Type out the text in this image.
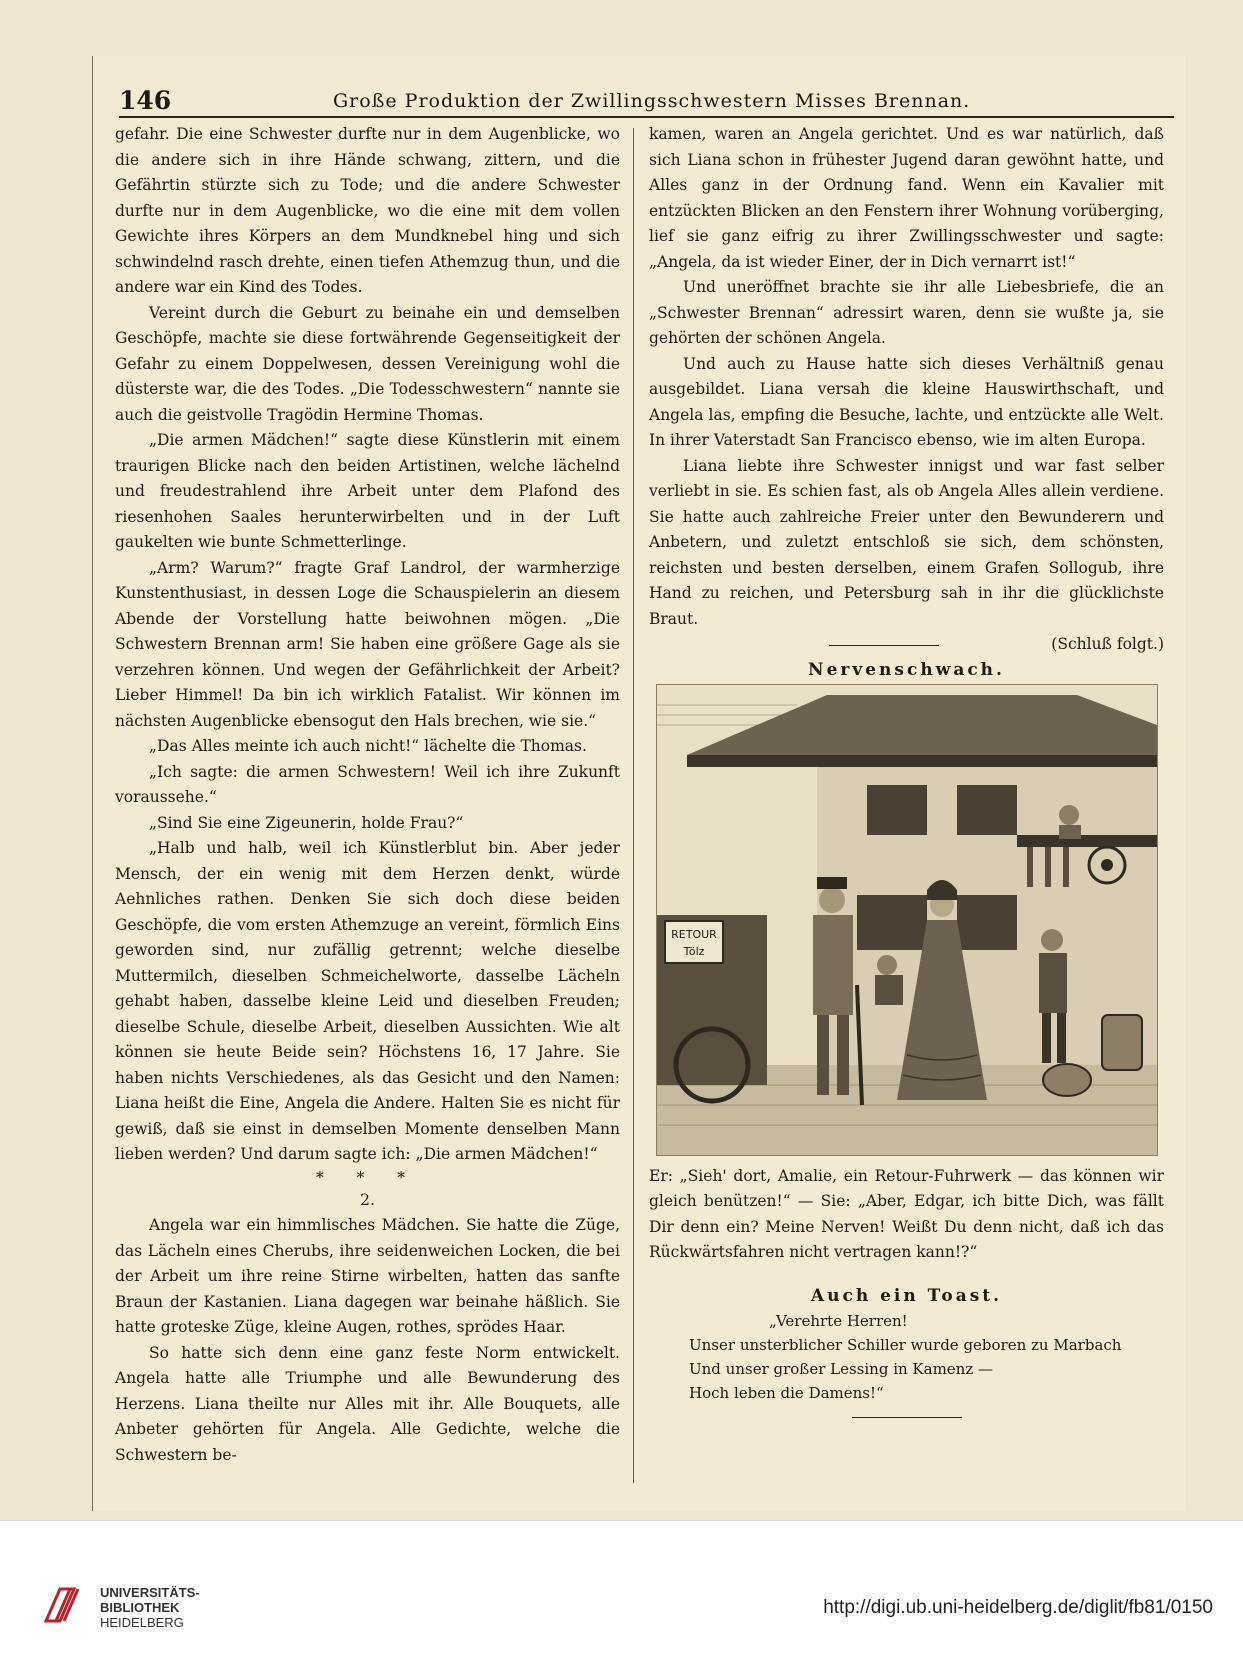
146	Große Produktion der Zwillingsschwestern Misses Brennan.

gefahr. Die eine Schwester durfte nur in dem Augenblicke, wo die andere sich in ihre Hände schwang, zittern, und die Gefährtin stürzte sich zu Tode; und die andere Schwester durfte nur in dem Augenblicke, wo die eine mit dem vollen Gewichte ihres Körpers an dem Mundknebel hing und sich schwindelnd rasch drehte, einen tiefen Athemzug thun, und die andere war ein Kind des Todes.

Vereint durch die Geburt zu beinahe ein und demselben Geschöpfe, machte sie diese fortwährende Gegenseitigkeit der Gefahr zu einem Doppelwesen, dessen Vereinigung wohl die düsterste war, die des Todes. „Die Todesschwestern“ nannte sie auch die geistvolle Tragödin Hermine Thomas.

„Die armen Mädchen!“ sagte diese Künstlerin mit einem traurigen Blicke nach den beiden Artistinen, welche lächelnd und freudestrahlend ihre Arbeit unter dem Plafond des riesenhohen Saales herunterwirbelten und in der Luft gaukelten wie bunte Schmetterlinge.

„Arm? Warum?“ fragte Graf Landrol, der warmherzige Kunstenthusiast, in dessen Loge die Schauspielerin an diesem Abende der Vorstellung hatte beiwohnen mögen. „Die Schwestern Brennan arm! Sie haben eine größere Gage als sie verzehren können. Und wegen der Gefährlichkeit der Arbeit? Lieber Himmel! Da bin ich wirklich Fatalist. Wir können im nächsten Augenblicke ebensogut den Hals brechen, wie sie.“

„Das Alles meinte ich auch nicht!“ lächelte die Thomas.

„Ich sagte: die armen Schwestern! Weil ich ihre Zukunft voraussehe.“

„Sind Sie eine Zigeunerin, holde Frau?“

„Halb und halb, weil ich Künstlerblut bin. Aber jeder Mensch, der ein wenig mit dem Herzen denkt, würde Aehnliches rathen. Denken Sie sich doch diese beiden Geschöpfe, die vom ersten Athemzuge an vereint, förmlich Eins geworden sind, nur zufällig getrennt; welche dieselbe Muttermilch, dieselben Schmeichelworte, dasselbe Lächeln gehabt haben, dasselbe kleine Leid und dieselben Freuden; dieselbe Schule, dieselbe Arbeit, dieselben Aussichten. Wie alt können sie heute Beide sein? Höchstens 16, 17 Jahre. Sie haben nichts Verschiedenes, als das Gesicht und den Namen: Liana heißt die Eine, Angela die Andere. Halten Sie es nicht für gewiß, daß sie einst in demselben Momente denselben Mann lieben werden? Und darum sagte ich: „Die armen Mädchen!“

* * *

2.

Angela war ein himmlisches Mädchen. Sie hatte die Züge, das Lächeln eines Cherubs, ihre seidenweichen Locken, die bei der Arbeit um ihre reine Stirne wirbelten, hatten das sanfte Braun der Kastanien. Liana dagegen war beinahe häßlich. Sie hatte groteske Züge, kleine Augen, rothes, sprödes Haar.

So hatte sich denn eine ganz feste Norm entwickelt. Angela hatte alle Triumphe und alle Bewunderung des Herzens. Liana theilte nur Alles mit ihr. Alle Bouquets, alle Anbeter gehörten für Angela. Alle Gedichte, welche die Schwestern be-

kamen, waren an Angela gerichtet. Und es war natürlich, daß sich Liana schon in frühester Jugend daran gewöhnt hatte, und Alles ganz in der Ordnung fand. Wenn ein Kavalier mit entzückten Blicken an den Fenstern ihrer Wohnung vorüberging, lief sie ganz eifrig zu ihrer Zwillingsschwester und sagte: „Angela, da ist wieder Einer, der in Dich vernarrt ist!“

Und uneröffnet brachte sie ihr alle Liebesbriefe, die an „Schwester Brennan“ adressirt waren, denn sie wußte ja, sie gehörten der schönen Angela.

Und auch zu Hause hatte sich dieses Verhältniß genau ausgebildet. Liana versah die kleine Hauswirthschaft, und Angela las, empfing die Besuche, lachte, und entzückte alle Welt. In ihrer Vaterstadt San Francisco ebenso, wie im alten Europa.

Liana liebte ihre Schwester innigst und war fast selber verliebt in sie. Es schien fast, als ob Angela Alles allein verdiene. Sie hatte auch zahlreiche Freier unter den Bewunderern und Anbetern, und zuletzt entschloß sie sich, dem schönsten, reichsten und besten derselben, einem Grafen Sollogub, ihre Hand zu reichen, und Petersburg sah in ihr die glücklichste Braut.

(Schluß folgt.)

Nervenschwach.

RETOUR
Tölz

Er: „Sieh' dort, Amalie, ein Retour-Fuhrwerk — das können wir gleich benützen!“ — Sie: „Aber, Edgar, ich bitte Dich, was fällt Dir denn ein? Meine Nerven! Weißt Du denn nicht, daß ich das Rückwärtsfahren nicht vertragen kann!?“

Auch ein Toast.

„Verehrte Herren!
Unser unsterblicher Schiller wurde geboren zu Marbach
Und unser großer Lessing in Kamenz —
Hoch leben die Damens!“
UNIVERSITÄTS-
BIBLIOTHEK
HEIDELBERG
http://digi.ub.uni-heidelberg.de/diglit/fb81/0150
